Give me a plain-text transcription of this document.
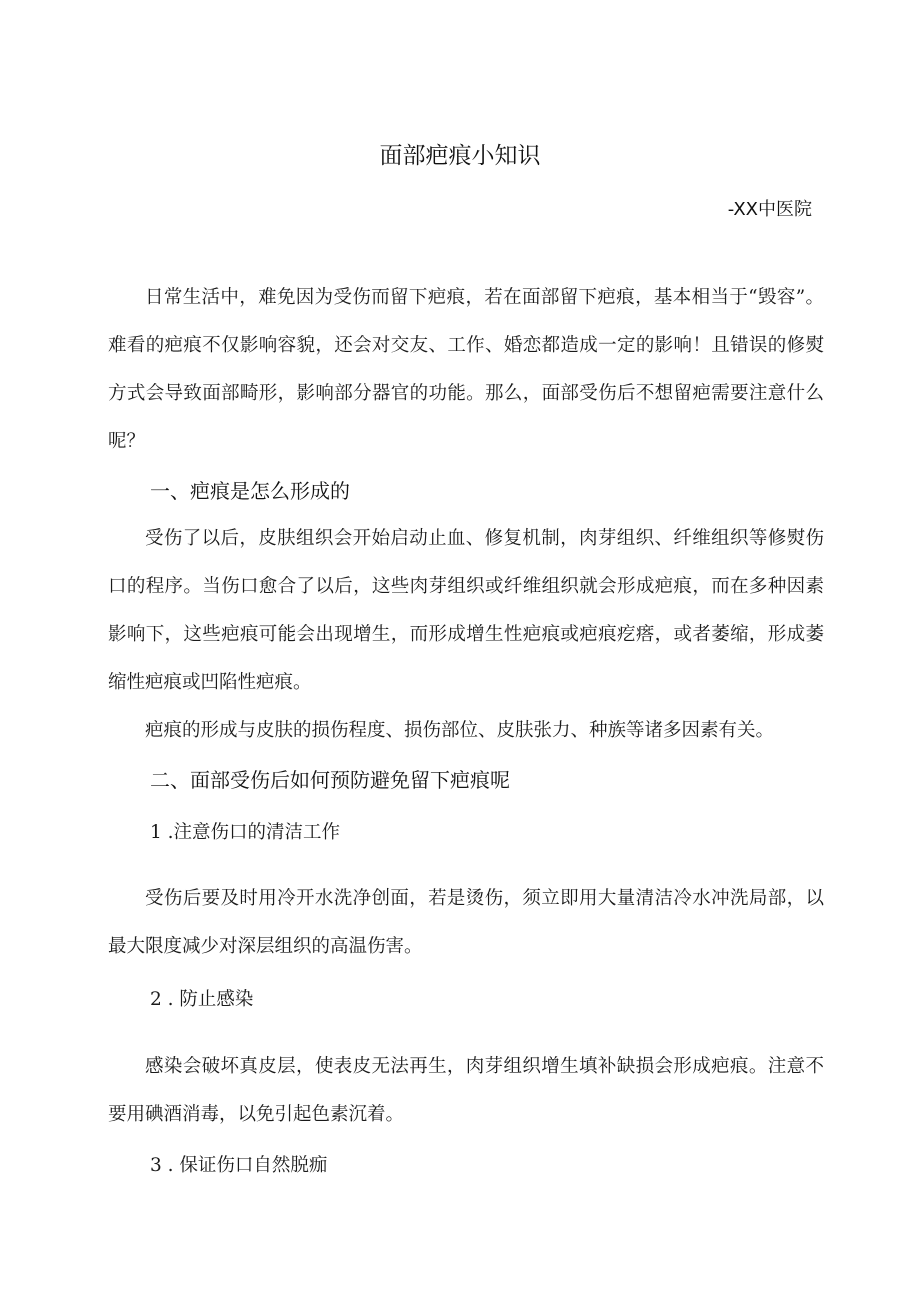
面部疤痕小知识
-XX中医院

日常生活中，难免因为受伤而留下疤痕，若在面部留下疤痕，基本相当于“毁容”。难看的疤痕不仅影响容貌，还会对交友、工作、婚恋都造成一定的影响！且错误的修熨方式会导致面部畸形，影响部分器官的功能。那么，面部受伤后不想留疤需要注意什么呢？

一、疤痕是怎么形成的

受伤了以后，皮肤组织会开始启动止血、修复机制，肉芽组织、纤维组织等修熨伤口的程序。当伤口愈合了以后，这些肉芽组织或纤维组织就会形成疤痕，而在多种因素影响下，这些疤痕可能会出现增生，而形成增生性疤痕或疤痕疙瘩，或者萎缩，形成萎缩性疤痕或凹陷性疤痕。

疤痕的形成与皮肤的损伤程度、损伤部位、皮肤张力、种族等诸多因素有关。

二、面部受伤后如何预防避免留下疤痕呢
1 .注意伤口的清洁工作

受伤后要及时用冷开水洗净创面，若是烫伤，须立即用大量清洁冷水冲洗局部，以最大限度减少对深层组织的高温伤害。

2 . 防止感染

感染会破坏真皮层，使表皮无法再生，肉芽组织增生填补缺损会形成疤痕。注意不要用碘酒消毒，以免引起色素沉着。

3 . 保证伤口自然脱痂
